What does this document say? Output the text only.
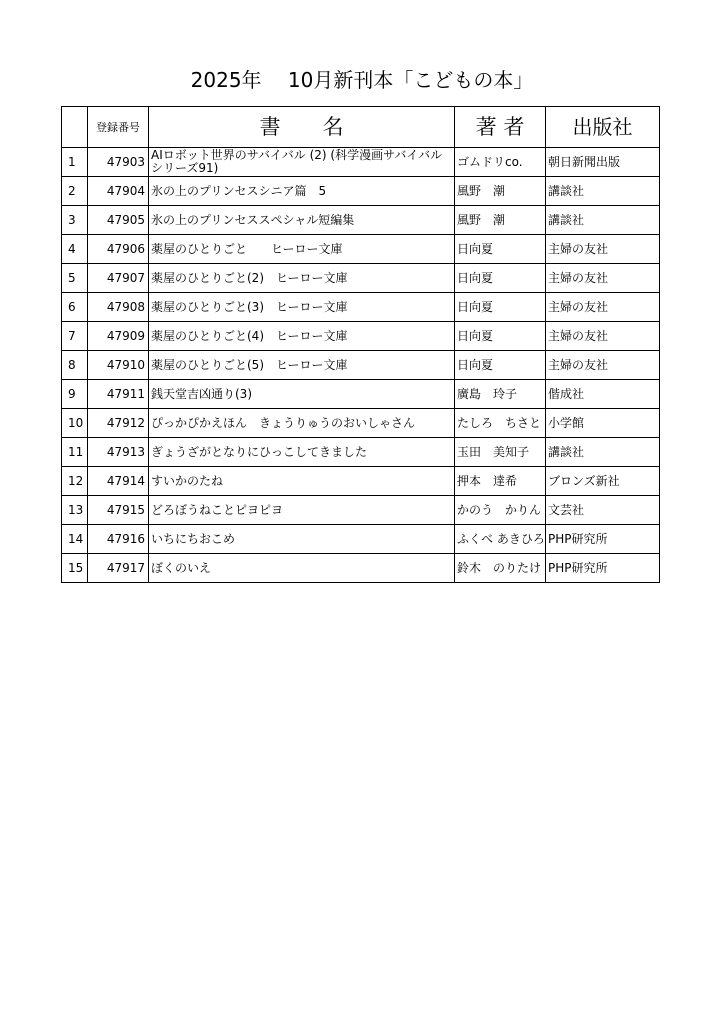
2025年　 10月新刊本「こどもの本」
	登録番号	書　　名	著 者	出版社
1	47903	AIロボット世界のサバイバル (2) (科学漫画サバイバルシリーズ91)	ゴムドリco.	朝日新聞出版
2	47904	氷の上のプリンセスシニア篇　5	風野　潮	講談社
3	47905	氷の上のプリンセススペシャル短編集	風野　潮	講談社
4	47906	薬屋のひとりごと　　ヒーロー文庫	日向夏	主婦の友社
5	47907	薬屋のひとりごと(2)　ヒーロー文庫	日向夏	主婦の友社
6	47908	薬屋のひとりごと(3)　ヒーロー文庫	日向夏	主婦の友社
7	47909	薬屋のひとりごと(4)　ヒーロー文庫	日向夏	主婦の友社
8	47910	薬屋のひとりごと(5)　ヒーロー文庫	日向夏	主婦の友社
9	47911	銭天堂吉凶通り(3)	廣島　玲子	偕成社
10	47912	ぴっかぴかえほん　きょうりゅうのおいしゃさん	たしろ　ちさと	小学館
11	47913	ぎょうざがとなりにひっこしてきました	玉田　美知子	講談社
12	47914	すいかのたね	押本　達希	ブロンズ新社
13	47915	どろぼうねことピヨピヨ	かのう　かりん	文芸社
14	47916	いちにちおこめ	ふくべ あきひろ	PHP研究所
15	47917	ぼくのいえ	鈴木　のりたけ	PHP研究所
